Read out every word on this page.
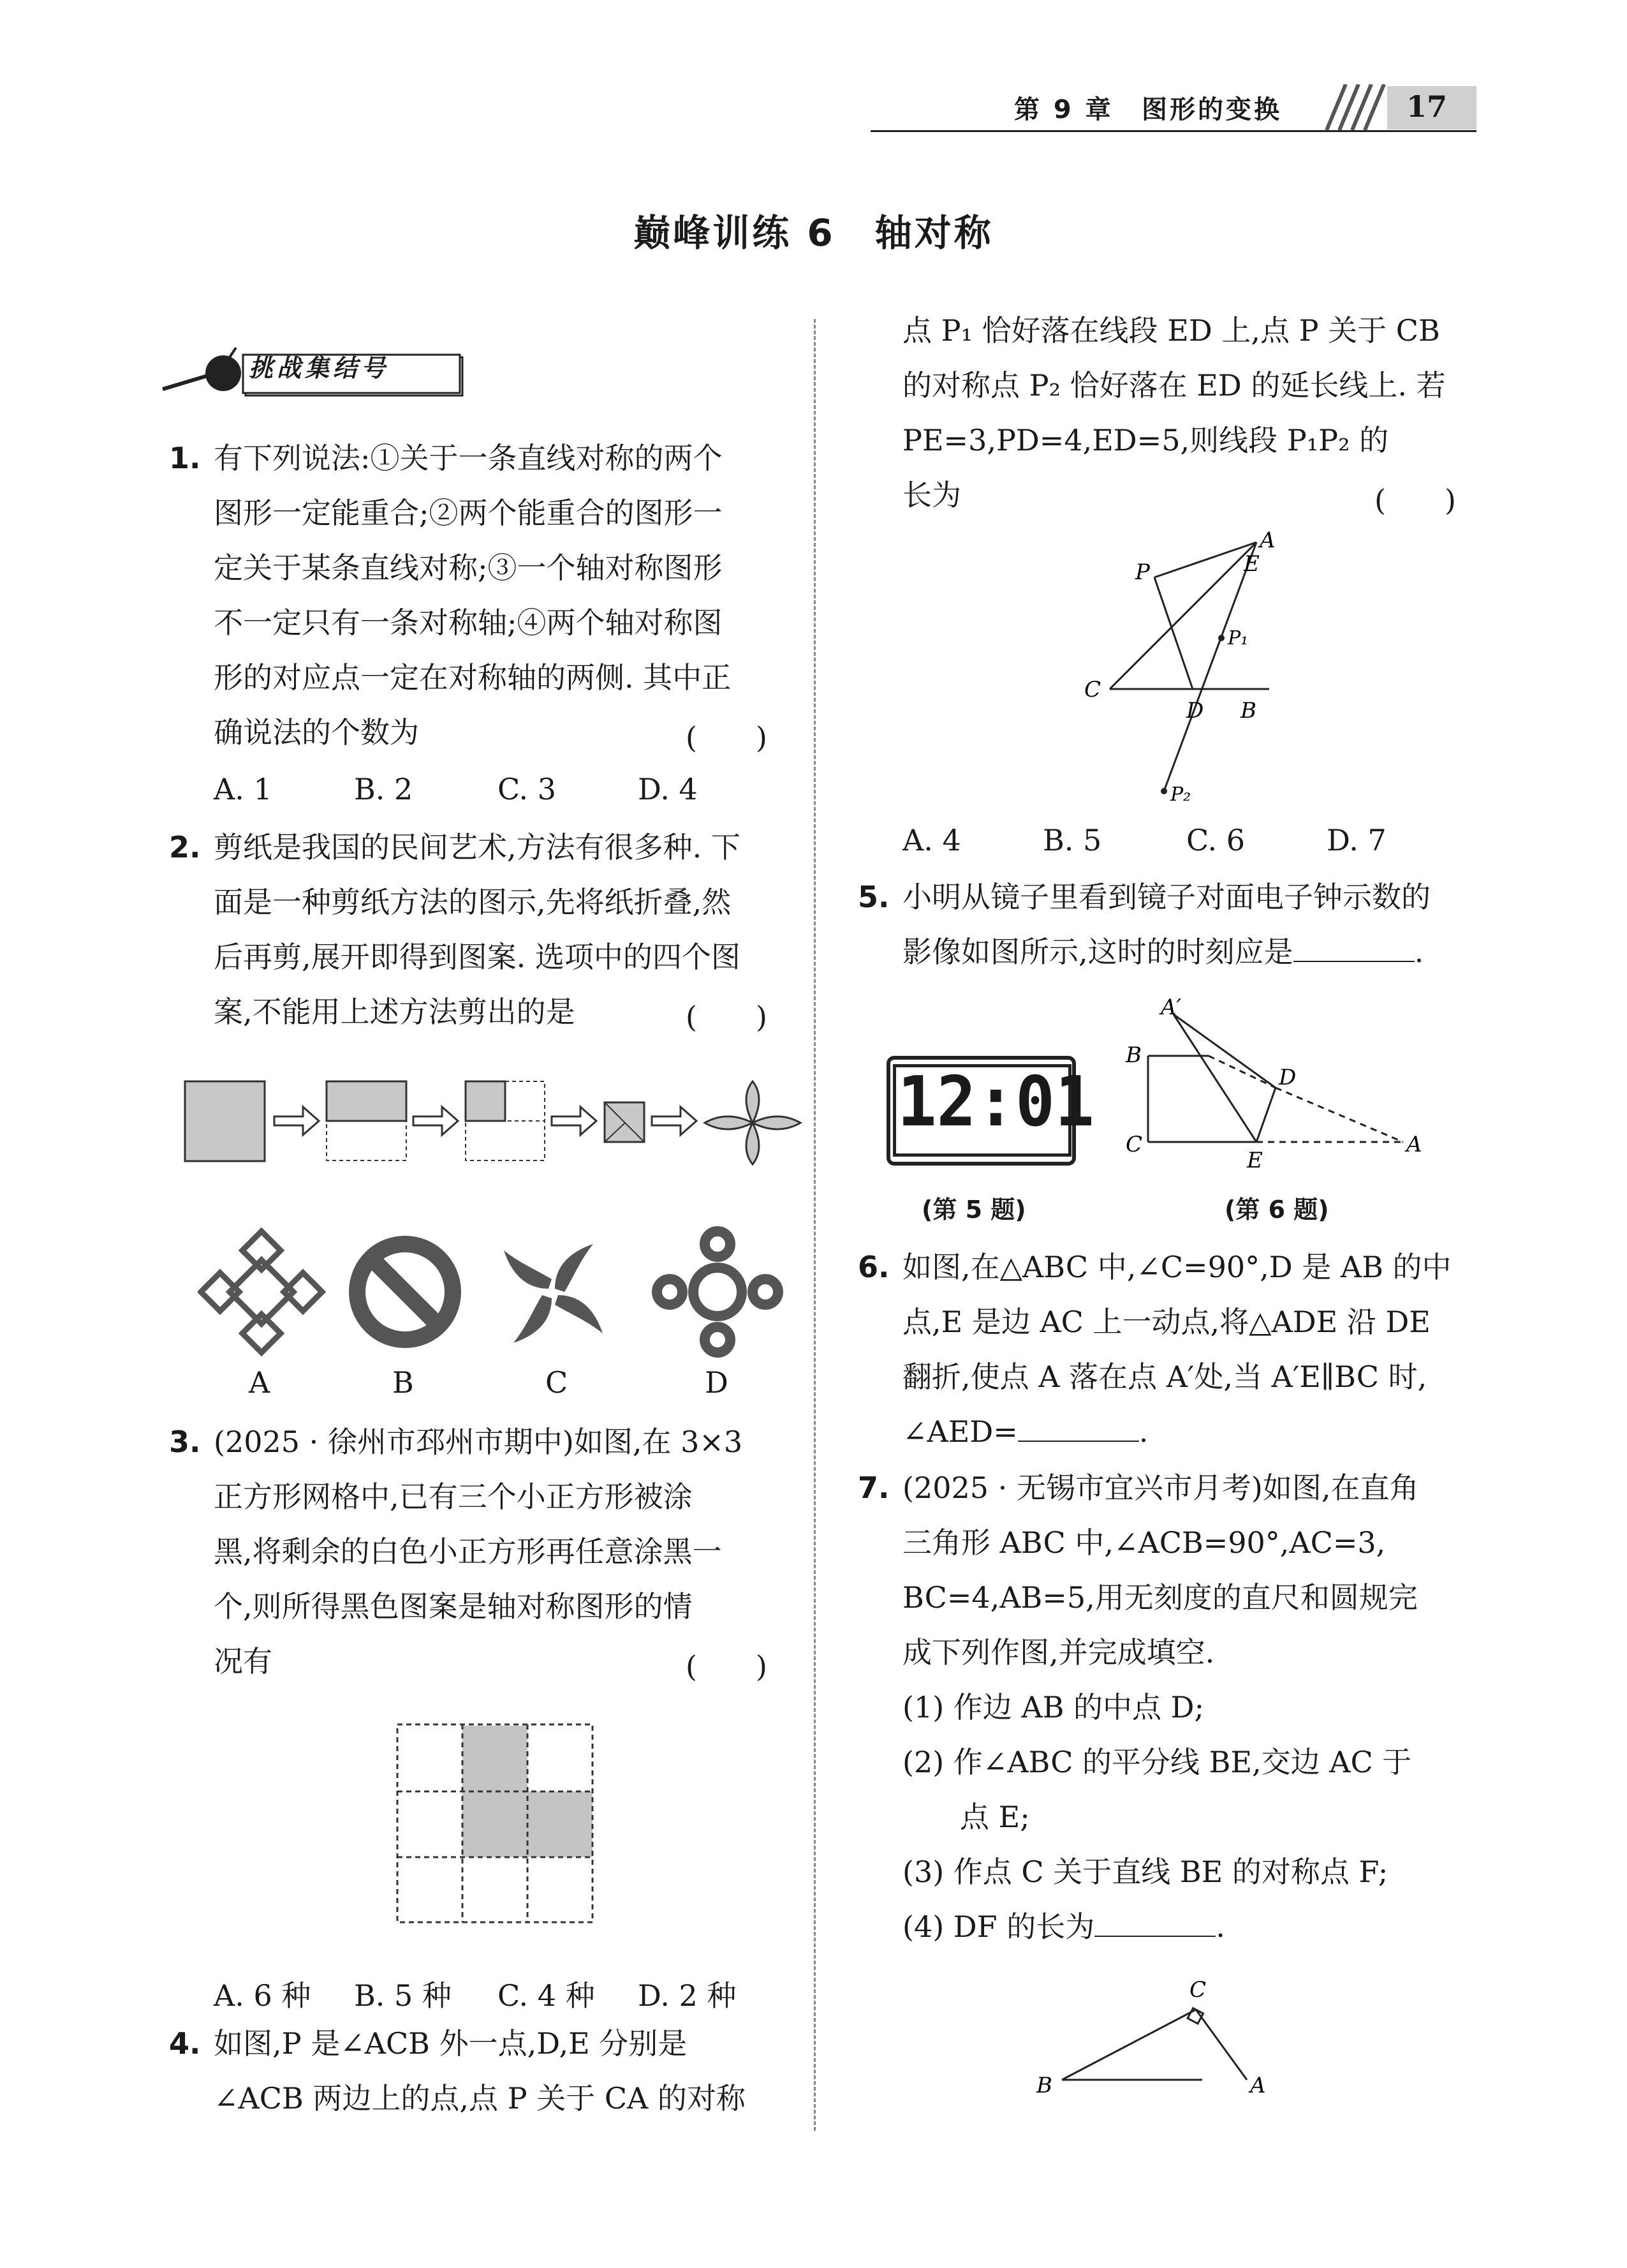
第 9 章 图形的变换	17
巅峰训练 6　轴对称
挑战集结号
1. 有下列说法:①关于一条直线对称的两个
图形一定能重合;②两个能重合的图形一
定关于某条直线对称;③一个轴对称图形
不一定只有一条对称轴;④两个轴对称图
形的对应点一定在对称轴的两侧. 其中正
确说法的个数为	(　　)
A. 1	B. 2	C. 3	D. 4
2. 剪纸是我国的民间艺术,方法有很多种. 下
面是一种剪纸方法的图示,先将纸折叠,然
后再剪,展开即得到图案. 选项中的四个图
案,不能用上述方法剪出的是	(　　)
A	B	C	D
3. (2025 · 徐州市邳州市期中)如图,在 3×3
正方形网格中,已有三个小正方形被涂
黑,将剩余的白色小正方形再任意涂黑一
个,则所得黑色图案是轴对称图形的情
况有	(　　)
A. 6 种 B. 5 种 C. 4 种 D. 2 种
4. 如图,P 是∠ACB 外一点,D,E 分别是
∠ACB 两边上的点,点 P 关于 CA 的对称
点 P₁ 恰好落在线段 ED 上,点 P 关于 CB
的对称点 P₂ 恰好落在 ED 的延长线上. 若
PE=3,PD=4,ED=5,则线段 P₁P₂ 的
长为	(　　)
A
E
P
P₁
C
D B
P₂
A. 4	B. 5	C. 6	D. 7
5. 小明从镜子里看到镜子对面电子钟示数的
影像如图所示,这时的时刻应是	.
12:01
(第 5 题)
A′
B
D
C
E
A
(第 6 题)
6. 如图,在△ABC 中,∠C=90°,D 是 AB 的中
点,E 是边 AC 上一动点,将△ADE 沿 DE
翻折,使点 A 落在点 A′处,当 A′E∥BC 时,
∠AED=	.
7. (2025 · 无锡市宜兴市月考)如图,在直角
三角形 ABC 中,∠ACB=90°,AC=3,
BC=4,AB=5,用无刻度的直尺和圆规完
成下列作图,并完成填空.
(1) 作边 AB 的中点 D;
(2) 作∠ABC 的平分线 BE,交边 AC 于
点 E;
(3) 作点 C 关于直线 BE 的对称点 F;
(4) DF 的长为	.
C
B	A
